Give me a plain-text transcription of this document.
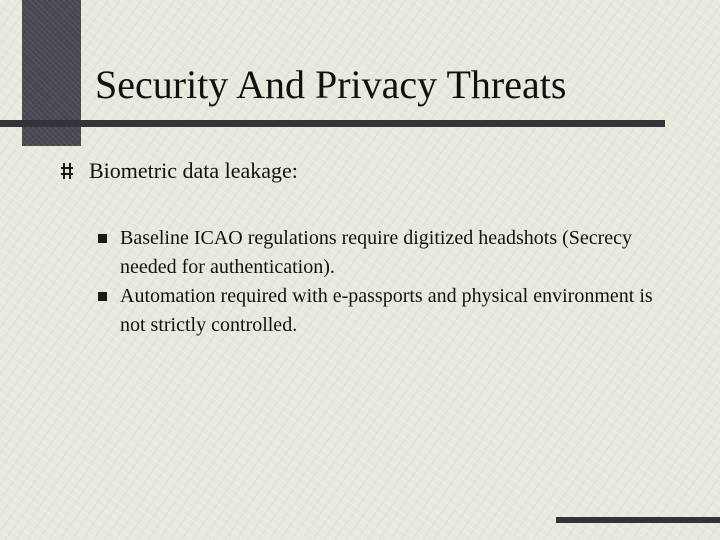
Security And Privacy Threats
Biometric data leakage:
Baseline ICAO regulations require digitized headshots (Secrecy needed for authentication).
Automation required with e-passports and physical environment is not strictly controlled.
